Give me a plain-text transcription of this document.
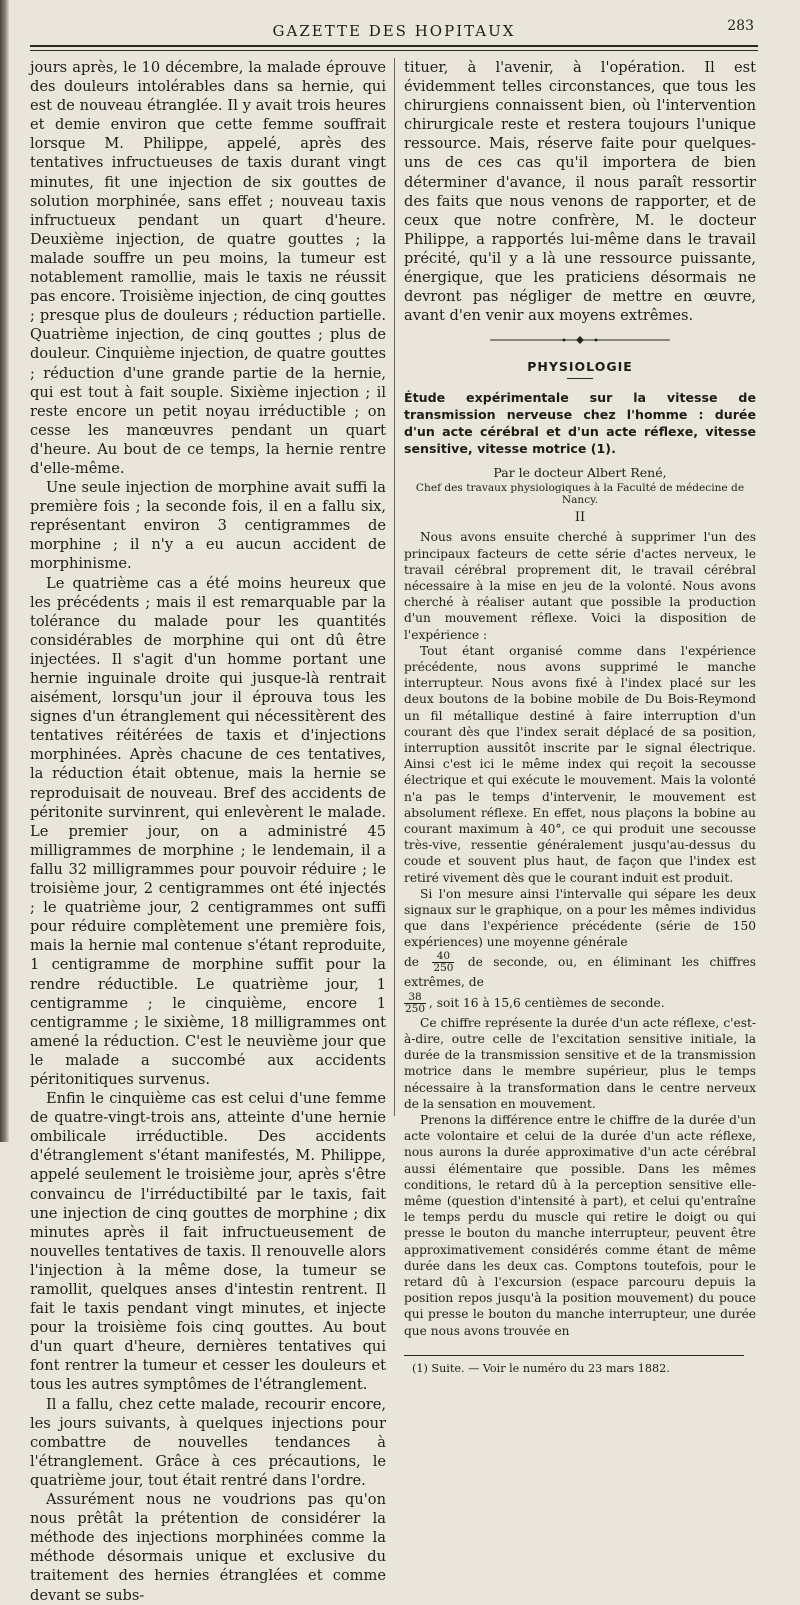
GAZETTE DES HOPITAUX	283

jours après, le 10 décembre, la malade éprouve des douleurs intolérables dans sa hernie, qui est de nouveau étranglée. Il y avait trois heures et demie environ que cette femme souffrait lorsque M. Philippe, appelé, après des tentatives infructueuses de taxis durant vingt minutes, fit une injection de six gouttes de solution morphinée, sans effet ; nouveau taxis infructueux pendant un quart d'heure. Deuxième injection, de quatre gouttes ; la malade souffre un peu moins, la tumeur est notablement ramollie, mais le taxis ne réussit pas encore. Troisième injection, de cinq gouttes ; presque plus de douleurs ; réduction partielle. Quatrième injection, de cinq gouttes ; plus de douleur. Cinquième injection, de quatre gouttes ; réduction d'une grande partie de la hernie, qui est tout à fait souple. Sixième injection ; il reste encore un petit noyau irréductible ; on cesse les manœuvres pendant un quart d'heure. Au bout de ce temps, la hernie rentre d'elle-même.

Une seule injection de morphine avait suffi la première fois ; la seconde fois, il en a fallu six, représentant environ 3 centigrammes de morphine ; il n'y a eu aucun accident de morphinisme.

Le quatrième cas a été moins heureux que les précédents ; mais il est remarquable par la tolérance du malade pour les quantités considérables de morphine qui ont dû être injectées. Il s'agit d'un homme portant une hernie inguinale droite qui jusque-là rentrait aisément, lorsqu'un jour il éprouva tous les signes d'un étranglement qui nécessitèrent des tentatives réitérées de taxis et d'injections morphinées. Après chacune de ces tentatives, la réduction était obtenue, mais la hernie se reproduisait de nouveau. Bref des accidents de péritonite survinrent, qui enlevèrent le malade. Le premier jour, on a administré 45 milligrammes de morphine ; le lendemain, il a fallu 32 milligrammes pour pouvoir réduire ; le troisième jour, 2 centigrammes ont été injectés ; le quatrième jour, 2 centigrammes ont suffi pour réduire complètement une première fois, mais la hernie mal contenue s'étant reproduite, 1 centigramme de morphine suffit pour la rendre réductible. Le quatrième jour, 1 centigramme ; le cinquième, encore 1 centigramme ; le sixième, 18 milligrammes ont amené la réduction. C'est le neuvième jour que le malade a succombé aux accidents péritonitiques survenus.

Enfin le cinquième cas est celui d'une femme de quatre-vingt-trois ans, atteinte d'une hernie ombilicale irréductible. Des accidents d'étranglement s'étant manifestés, M. Philippe, appelé seulement le troisième jour, après s'être convaincu de l'irréductibilté par le taxis, fait une injection de cinq gouttes de morphine ; dix minutes après il fait infructueusement de nouvelles tentatives de taxis. Il renouvelle alors l'injection à la même dose, la tumeur se ramollit, quelques anses d'intestin rentrent. Il fait le taxis pendant vingt minutes, et injecte pour la troisième fois cinq gouttes. Au bout d'un quart d'heure, dernières tentatives qui font rentrer la tumeur et cesser les douleurs et tous les autres symptômes de l'étranglement.

Il a fallu, chez cette malade, recourir encore, les jours suivants, à quelques injections pour combattre de nouvelles tendances à l'étranglement. Grâce à ces précautions, le quatrième jour, tout était rentré dans l'ordre.

Assurément nous ne voudrions pas qu'on nous prêtât la prétention de considérer la méthode des injections morphinées comme la méthode désormais unique et exclusive du traitement des hernies étranglées et comme devant se subs-

tituer, à l'avenir, à l'opération. Il est évidemment telles circonstances, que tous les chirurgiens connaissent bien, où l'intervention chirurgicale reste et restera toujours l'unique ressource. Mais, réserve faite pour quelques-uns de ces cas qu'il importera de bien déterminer d'avance, il nous paraît ressortir des faits que nous venons de rapporter, et de ceux que notre confrère, M. le docteur Philippe, a rapportés lui-même dans le travail précité, qu'il y a là une ressource puissante, énergique, que les praticiens désormais ne devront pas négliger de mettre en œuvre, avant d'en venir aux moyens extrêmes.

PHYSIOLOGIE
Étude expérimentale sur la vitesse de transmission nerveuse chez l'homme : durée d'un acte cérébral et d'un acte réflexe, vitesse sensitive, vitesse motrice (1).
Par le docteur Albert René,
Chef des travaux physiologiques à la Faculté de médecine de Nancy.
II

Nous avons ensuite cherché à supprimer l'un des principaux facteurs de cette série d'actes nerveux, le travail cérébral proprement dit, le travail cérébral nécessaire à la mise en jeu de la volonté. Nous avons cherché à réaliser autant que possible la production d'un mouvement réflexe. Voici la disposition de l'expérience :

Tout étant organisé comme dans l'expérience précédente, nous avons supprimé le manche interrupteur. Nous avons fixé à l'index placé sur les deux boutons de la bobine mobile de Du Bois-Reymond un fil métallique destiné à faire interruption d'un courant dès que l'index serait déplacé de sa position, interruption aussitôt inscrite par le signal électrique. Ainsi c'est ici le même index qui reçoit la secousse électrique et qui exécute le mouvement. Mais la volonté n'a pas le temps d'intervenir, le mouvement est absolument réflexe. En effet, nous plaçons la bobine au courant maximum à 40°, ce qui produit une secousse très-vive, ressentie généralement jusqu'au-dessus du coude et souvent plus haut, de façon que l'index est retiré vivement dès que le courant induit est produit.

Si l'on mesure ainsi l'intervalle qui sépare les deux signaux sur le graphique, on a pour les mêmes individus que dans l'expérience précédente (série de 150 expériences) une moyenne générale

de $\frac{40}{250}$ de seconde, ou, en éliminant les chiffres extrêmes, de

$\frac{38}{250}$ , soit 16 à 15,6 centièmes de seconde.

Ce chiffre représente la durée d'un acte réflexe, c'est-à-dire, outre celle de l'excitation sensitive initiale, la durée de la transmission sensitive et de la transmission motrice dans le membre supérieur, plus le temps nécessaire à la transformation dans le centre nerveux de la sensation en mouvement.

Prenons la différence entre le chiffre de la durée d'un acte volontaire et celui de la durée d'un acte réflexe, nous aurons la durée approximative d'un acte cérébral aussi élémentaire que possible. Dans les mêmes conditions, le retard dû à la perception sensitive elle-même (question d'intensité à part), et celui qu'entraîne le temps perdu du muscle qui retire le doigt ou qui presse le bouton du manche interrupteur, peuvent être approximativement considérés comme étant de même durée dans les deux cas. Comptons toutefois, pour le retard dû à l'excursion (espace parcouru depuis la position repos jusqu'à la position mouvement) du pouce qui presse le bouton du manche interrupteur, une durée que nous avons trouvée en

(1) Suite. — Voir le numéro du 23 mars 1882.
